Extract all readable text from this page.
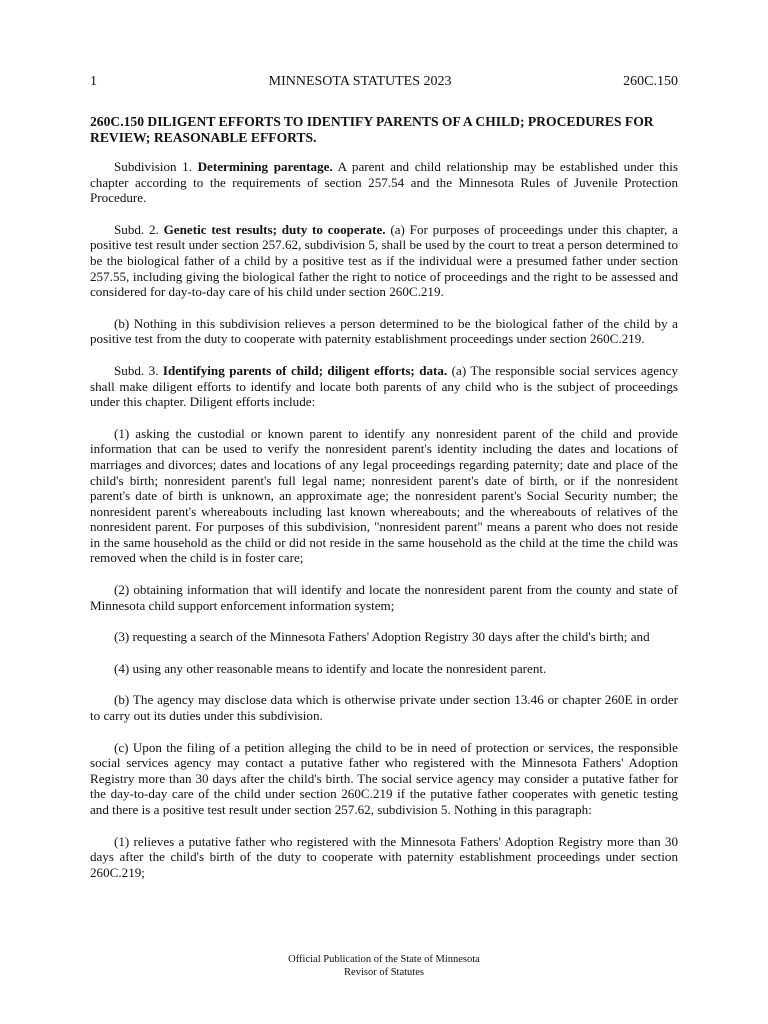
1	MINNESOTA STATUTES 2023	260C.150
260C.150 DILIGENT EFFORTS TO IDENTIFY PARENTS OF A CHILD; PROCEDURES FOR REVIEW; REASONABLE EFFORTS.

Subdivision 1. Determining parentage. A parent and child relationship may be established under this chapter according to the requirements of section 257.54 and the Minnesota Rules of Juvenile Protection Procedure.

Subd. 2. Genetic test results; duty to cooperate. (a) For purposes of proceedings under this chapter, a positive test result under section 257.62, subdivision 5, shall be used by the court to treat a person determined to be the biological father of a child by a positive test as if the individual were a presumed father under section 257.55, including giving the biological father the right to notice of proceedings and the right to be assessed and considered for day-to-day care of his child under section 260C.219.

(b) Nothing in this subdivision relieves a person determined to be the biological father of the child by a positive test from the duty to cooperate with paternity establishment proceedings under section 260C.219.

Subd. 3. Identifying parents of child; diligent efforts; data. (a) The responsible social services agency shall make diligent efforts to identify and locate both parents of any child who is the subject of proceedings under this chapter. Diligent efforts include:

(1) asking the custodial or known parent to identify any nonresident parent of the child and provide information that can be used to verify the nonresident parent's identity including the dates and locations of marriages and divorces; dates and locations of any legal proceedings regarding paternity; date and place of the child's birth; nonresident parent's full legal name; nonresident parent's date of birth, or if the nonresident parent's date of birth is unknown, an approximate age; the nonresident parent's Social Security number; the nonresident parent's whereabouts including last known whereabouts; and the whereabouts of relatives of the nonresident parent. For purposes of this subdivision, "nonresident parent" means a parent who does not reside in the same household as the child or did not reside in the same household as the child at the time the child was removed when the child is in foster care;

(2) obtaining information that will identify and locate the nonresident parent from the county and state of Minnesota child support enforcement information system;

(3) requesting a search of the Minnesota Fathers' Adoption Registry 30 days after the child's birth; and

(4) using any other reasonable means to identify and locate the nonresident parent.

(b) The agency may disclose data which is otherwise private under section 13.46 or chapter 260E in order to carry out its duties under this subdivision.

(c) Upon the filing of a petition alleging the child to be in need of protection or services, the responsible social services agency may contact a putative father who registered with the Minnesota Fathers' Adoption Registry more than 30 days after the child's birth. The social service agency may consider a putative father for the day-to-day care of the child under section 260C.219 if the putative father cooperates with genetic testing and there is a positive test result under section 257.62, subdivision 5. Nothing in this paragraph:

(1) relieves a putative father who registered with the Minnesota Fathers' Adoption Registry more than 30 days after the child's birth of the duty to cooperate with paternity establishment proceedings under section 260C.219;

Official Publication of the State of Minnesota
Revisor of Statutes
